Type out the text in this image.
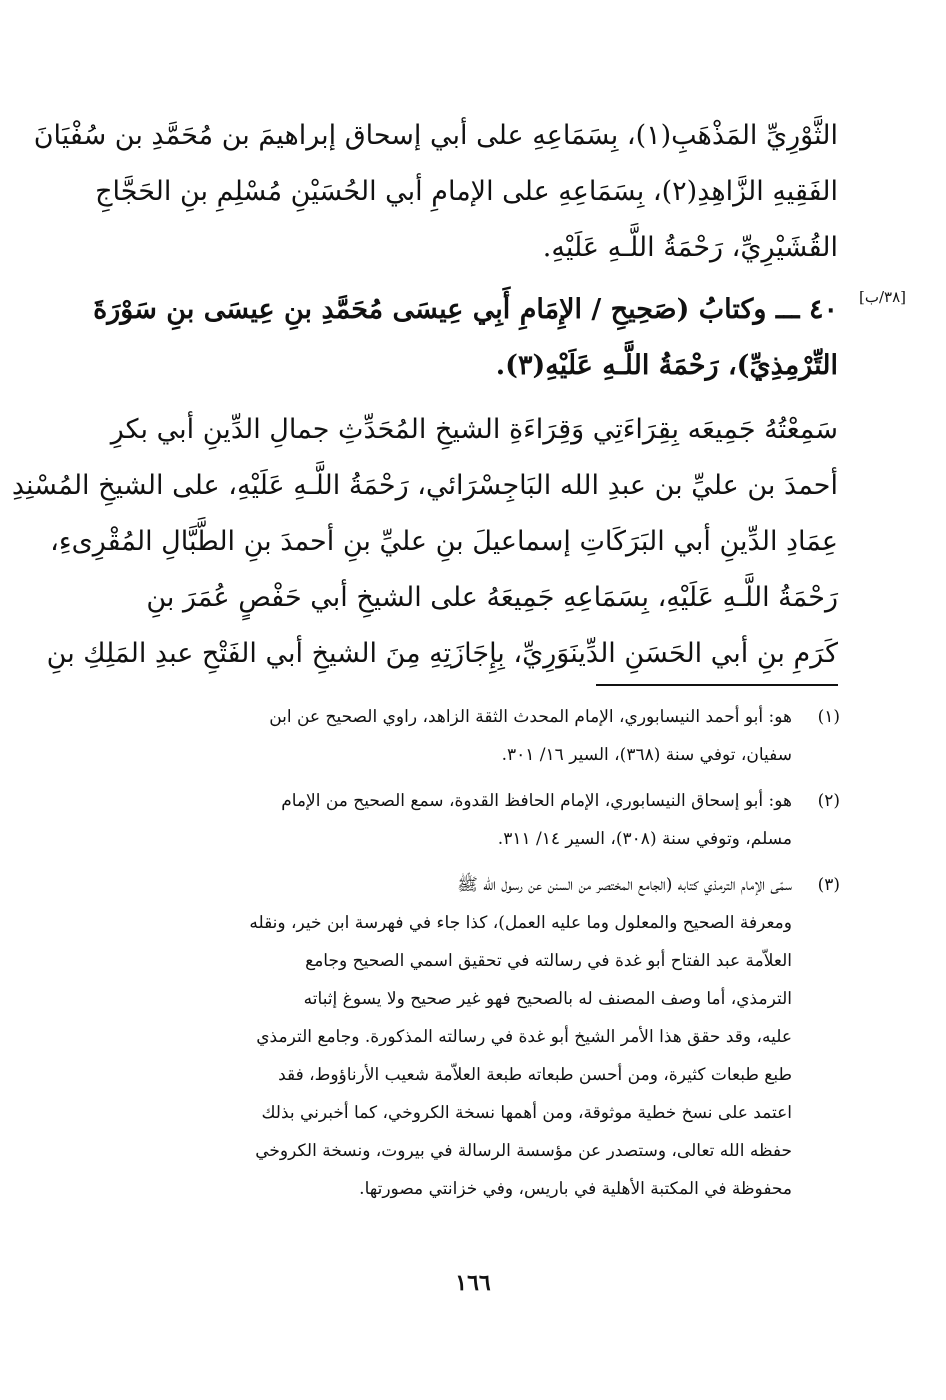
الثَّوْرِيِّ المَذْهَبِ(١)، بِسَمَاعِهِ على أبي إسحاق إبراهيمَ بن مُحَمَّدِ بن سُفْيَانَ
الفَقِيهِ الزَّاهِدِ(٢)، بِسَمَاعِهِ على الإمامِ أبي الحُسَيْنِ مُسْلِمِ بنِ الحَجَّاجِ
القُشَيْرِيِّ، رَحْمَةُ اللَّـهِ عَلَيْهِ.
[٣٨/ب]
٤٠ ـــ وكتابُ (صَحِيحِ / الإِمَامِ أَبِي عِيسَى مُحَمَّدِ بنِ عِيسَى بنِ سَوْرَةَ
التِّرْمِذِيِّ)، رَحْمَةُ اللَّـهِ عَلَيْهِ(٣).
سَمِعْتُهُ جَمِيعَه بِقِرَاءَتِي وَقِرَاءَةِ الشيخِ المُحَدِّثِ جمالِ الدِّينِ أبي بكرِ
أحمدَ بن عليِّ بن عبدِ الله البَاجِسْرَائي، رَحْمَةُ اللَّـهِ عَلَيْهِ، على الشيخِ المُسْنِدِ
عِمَادِ الدِّينِ أبي البَرَكَاتِ إسماعيلَ بنِ عليِّ بنِ أحمدَ بنِ الطَّبَّالِ المُقْرِىءِ،
رَحْمَةُ اللَّـهِ عَلَيْهِ، بِسَمَاعِهِ جَمِيعَهُ على الشيخِ أبي حَفْصٍ عُمَرَ بنِ
كَرَمِ بنِ أبي الحَسَنِ الدِّينَوَرِيِّ، بِإِجَازَتِهِ مِنَ الشيخِ أبي الفَتْحِ عبدِ المَلِكِ بنِ
(١)
هو: أبو أحمد النيسابوري، الإمام المحدث الثقة الزاهد، راوي الصحيح عن ابن
سفيان، توفي سنة (٣٦٨)، السير ١٦/ ٣٠١.
(٢)
هو: أبو إسحاق النيسابوري، الإمام الحافظ القدوة، سمع الصحيح من الإمام
مسلم، وتوفي سنة (٣٠٨)، السير ١٤/ ٣١١.
(٣)
سمّى الإمام الترمذي كتابه (الجامع المختصر من السنن عن رسول الله ﷺ
ومعرفة الصحيح والمعلول وما عليه العمل)، كذا جاء في فهرسة ابن خير، ونقله
العلاّمة عبد الفتاح أبو غدة في رسالته في تحقيق اسمي الصحيح وجامع
الترمذي، أما وصف المصنف له بالصحيح فهو غير صحيح ولا يسوغ إثباته
عليه، وقد حقق هذا الأمر الشيخ أبو غدة في رسالته المذكورة. وجامع الترمذي
طبع طبعات كثيرة، ومن أحسن طبعاته طبعة العلاّمة شعيب الأرناؤوط، فقد
اعتمد على نسخ خطية موثوقة، ومن أهمها نسخة الكروخي، كما أخبرني بذلك
حفظه الله تعالى، وستصدر عن مؤسسة الرسالة في بيروت، ونسخة الكروخي
محفوظة في المكتبة الأهلية في باريس، وفي خزانتي مصورتها.
١٦٦
